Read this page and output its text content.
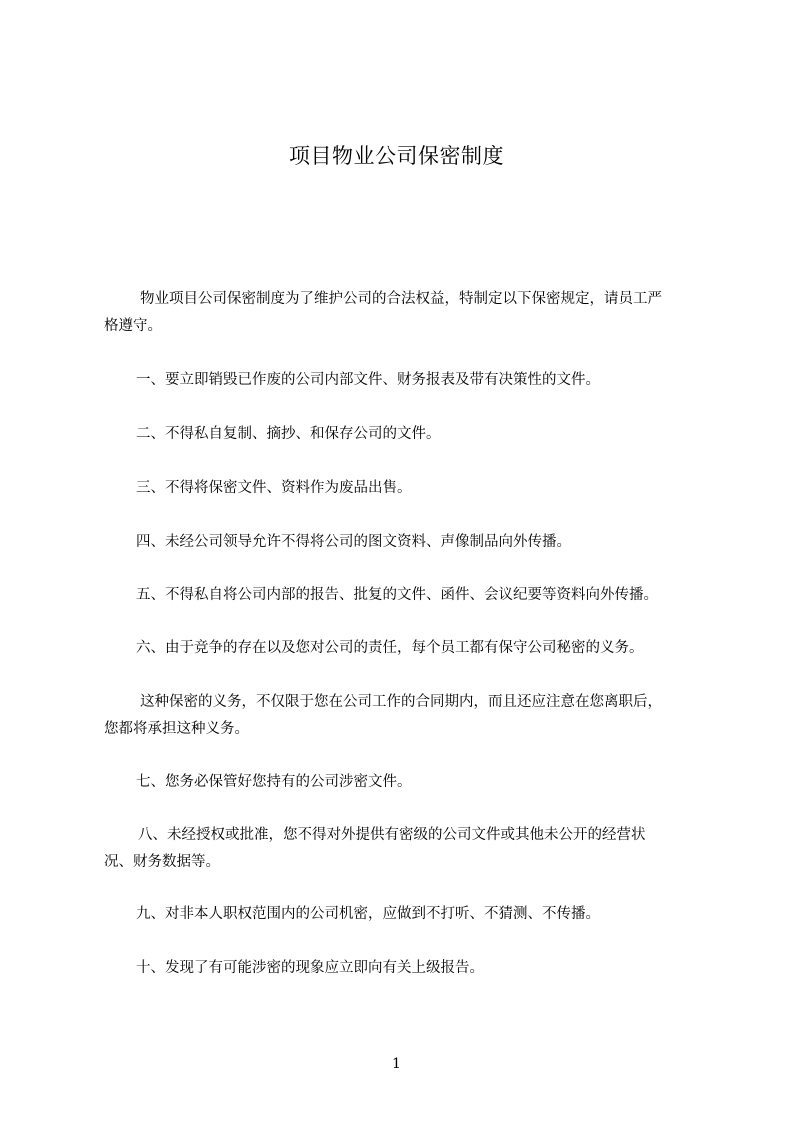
项目物业公司保密制度
物业项目公司保密制度为了维护公司的合法权益，特制定以下保密规定，请员工严
格遵守。
一、要立即销毁已作废的公司内部文件、财务报表及带有决策性的文件。
二、不得私自复制、摘抄、和保存公司的文件。
三、不得将保密文件、资料作为废品出售。
四、未经公司领导允许不得将公司的图文资料、声像制品向外传播。
五、不得私自将公司内部的报告、批复的文件、函件、会议纪要等资料向外传播。
六、由于竞争的存在以及您对公司的责任，每个员工都有保守公司秘密的义务。
这种保密的义务，不仅限于您在公司工作的合同期内，而且还应注意在您离职后，
您都将承担这种义务。
七、您务必保管好您持有的公司涉密文件。
八、未经授权或批准，您不得对外提供有密级的公司文件或其他未公开的经营状
况、财务数据等。
九、对非本人职权范围内的公司机密，应做到不打听、不猜测、不传播。
十、发现了有可能涉密的现象应立即向有关上级报告。
1
